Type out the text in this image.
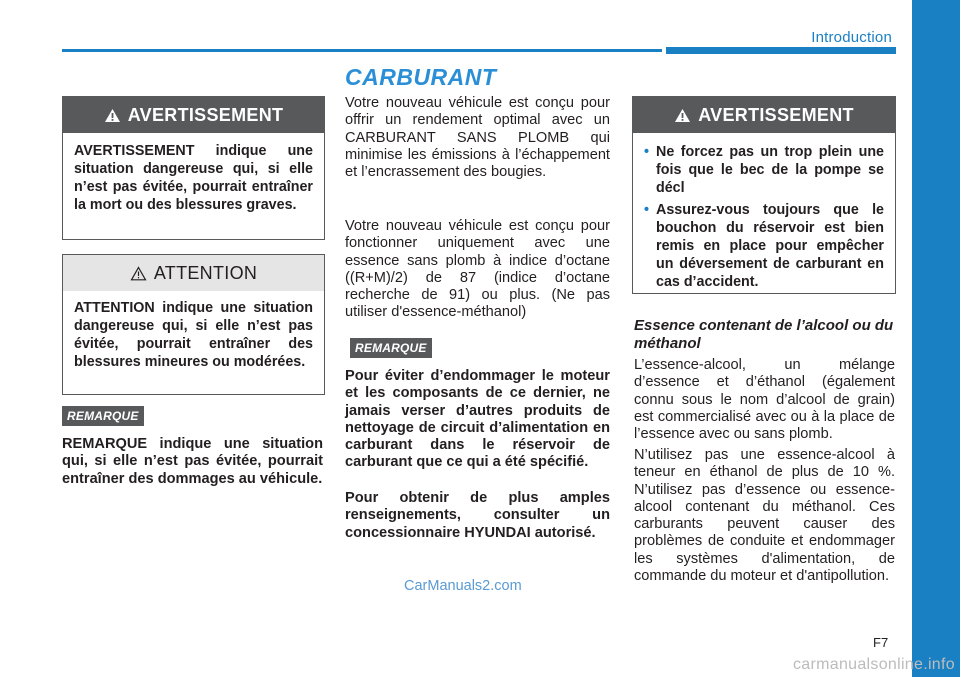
Introduction
CARBURANT
AVERTISSEMENT
AVERTISSEMENT indique une situation dangereuse qui, si elle n’est pas évitée, pourrait entraîner la mort ou des blessures graves.
ATTENTION
ATTENTION indique une situation dangereuse qui, si elle n’est pas évitée, pourrait entraîner des blessures mineures ou modérées.
REMARQUE
REMARQUE indique une situation qui, si elle n’est pas évitée, pourrait entraîner des dommages au véhicule.
Votre nouveau véhicule est conçu pour offrir un rendement optimal avec un CARBURANT SANS PLOMB qui minimise les émissions à l’échappement et l’encrassement des bougies.
Votre nouveau véhicule est conçu pour fonctionner uniquement avec une essence sans plomb à indice d’octane ((R+M)/2) de 87 (indice d’octane recherche de 91) ou plus. (Ne pas utiliser d'essence-méthanol)
REMARQUE
Pour éviter d’endommager le moteur et les composants de ce dernier, ne jamais verser d’autres produits de nettoyage de circuit d’alimentation en carburant dans le réservoir de carburant que ce qui a été spécifié.
Pour obtenir de plus amples renseignements, consulter un concessionnaire HYUNDAI autorisé.
AVERTISSEMENT
• Ne forcez pas un trop plein une fois que le bec de la pompe se décl
• Assurez-vous toujours que le bouchon du réservoir est bien remis en place pour empêcher un déversement de carburant en cas d’accident.
Essence contenant de l’alcool ou du méthanol
L’essence-alcool, un mélange d’essence et d’éthanol (également connu sous le nom d’alcool de grain) est commercialisé avec ou à la place de l’essence avec ou sans plomb.
N’utilisez pas une essence-alcool à teneur en éthanol de plus de 10 %. N’utilisez pas d’essence ou essence-alcool contenant du méthanol. Ces carburants peuvent causer des problèmes de conduite et endommager les systèmes d'alimentation, de commande du moteur et d'antipollution.
F7
CarManuals2.com
carmanualsonline.info
